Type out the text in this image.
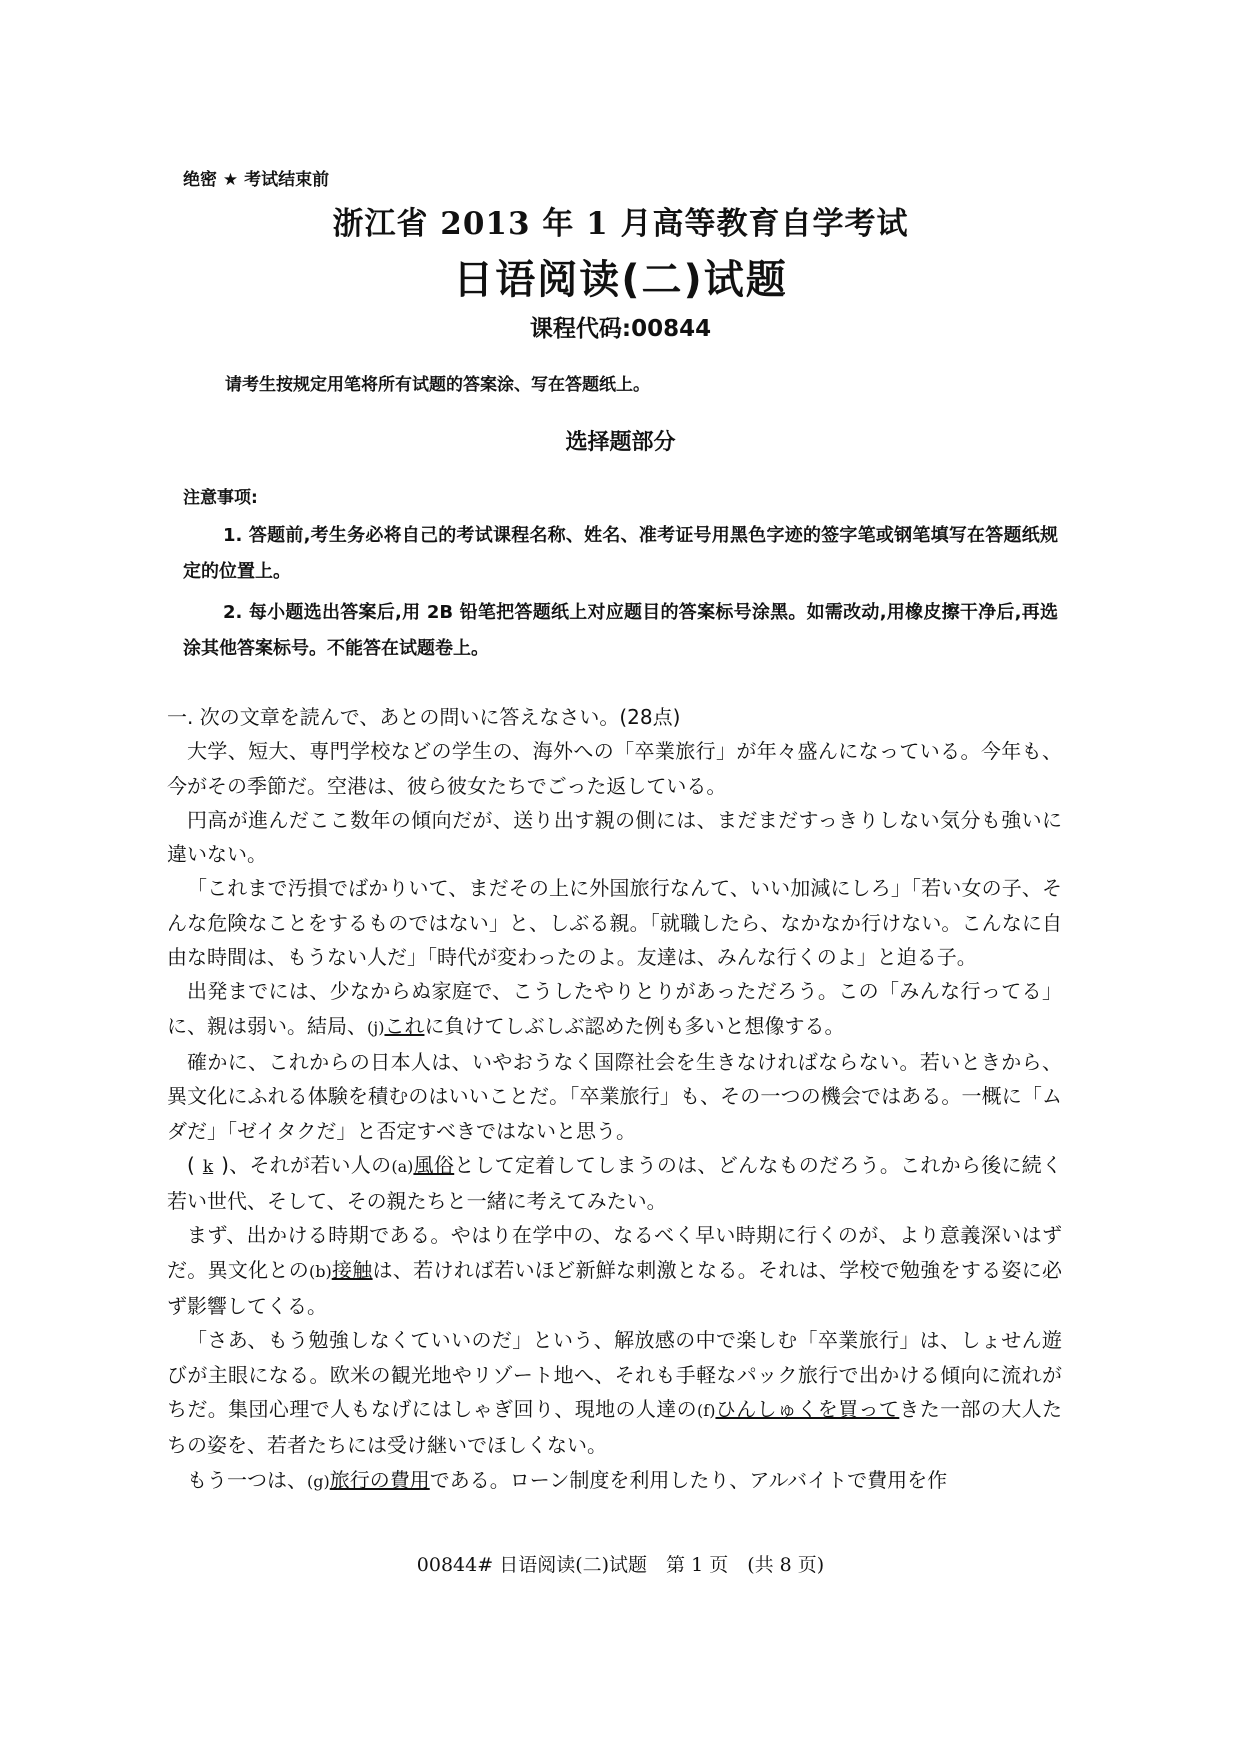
绝密 ★ 考试结束前
浙江省 2013 年 1 月高等教育自学考试
日语阅读(二)试题
课程代码:00844
请考生按规定用笔将所有试题的答案涂、写在答题纸上。
选择题部分
注意事项:
1. 答题前,考生务必将自己的考试课程名称、姓名、准考证号用黑色字迹的签字笔或钢笔填写在答题纸规定的位置上。
2. 每小题选出答案后,用 2B 铅笔把答题纸上对应题目的答案标号涂黑。如需改动,用橡皮擦干净后,再选涂其他答案标号。不能答在试题卷上。

一. 次の文章を読んで、あとの問いに答えなさい。(28点)

大学、短大、専門学校などの学生の、海外への「卒業旅行」が年々盛んになっている。今年も、今がその季節だ。空港は、彼ら彼女たちでごった返している。

円高が進んだここ数年の傾向だが、送り出す親の側には、まだまだすっきりしない気分も強いに違いない。

「これまで汚損でばかりいて、まだその上に外国旅行なんて、いい加減にしろ」「若い女の子、そんな危険なことをするものではない」と、しぶる親。「就職したら、なかなか行けない。こんなに自由な時間は、もうない人だ」「時代が変わったのよ。友達は、みんな行くのよ」と迫る子。

出発までには、少なからぬ家庭で、こうしたやりとりがあっただろう。この「みんな行ってる」に、親は弱い。結局、(j)これに負けてしぶしぶ認めた例も多いと想像する。

確かに、これからの日本人は、いやおうなく国際社会を生きなければならない。若いときから、異文化にふれる体験を積むのはいいことだ。「卒業旅行」も、その一つの機会ではある。一概に「ムダだ」「ゼイタクだ」と否定すべきではないと思う。

( k )、それが若い人の(a)風俗として定着してしまうのは、どんなものだろう。これから後に続く若い世代、そして、その親たちと一緒に考えてみたい。

まず、出かける時期である。やはり在学中の、なるべく早い時期に行くのが、より意義深いはずだ。異文化との(b)接触は、若ければ若いほど新鮮な刺激となる。それは、学校で勉強をする姿に必ず影響してくる。

「さあ、もう勉強しなくていいのだ」という、解放感の中で楽しむ「卒業旅行」は、しょせん遊びが主眼になる。欧米の観光地やリゾート地へ、それも手軽なパック旅行で出かける傾向に流れがちだ。集団心理で人もなげにはしゃぎ回り、現地の人達の(f)ひんしゅくを買ってきた一部の大人たちの姿を、若者たちには受け継いでほしくない。

もう一つは、(g)旅行の費用である。ローン制度を利用したり、アルバイトで費用を作

00844# 日语阅读(二)试题　第 1 页　(共 8 页)
